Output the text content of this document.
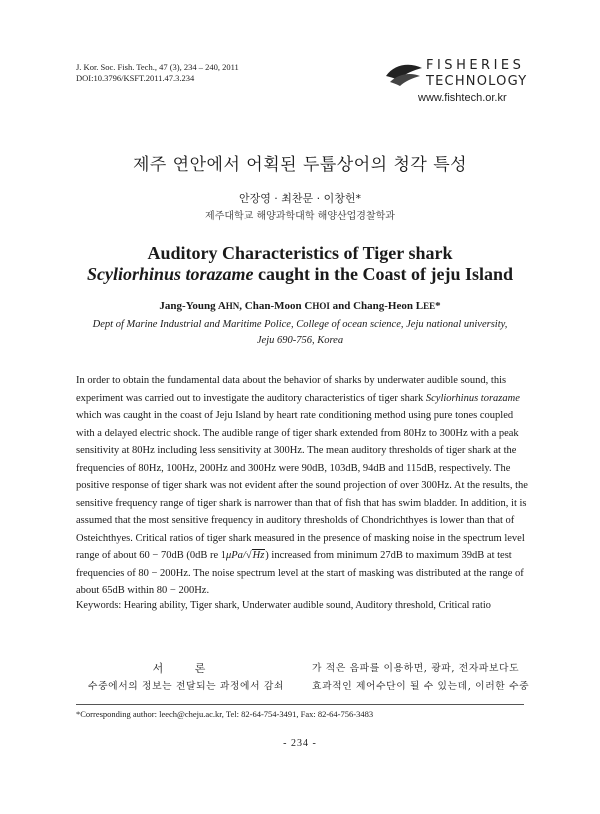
J. Kor. Soc. Fish. Tech., 47 (3), 234 – 240, 2011
DOI:10.3796/KSFT.2011.47.3.234
FISHERIES
TECHNOLOGY
www.fishtech.or.kr
제주 연안에서 어획된 두툽상어의 청각 특성
안장영 · 최찬문 · 이창헌*
제주대학교 해양과학대학 해양산업경찰학과
Auditory Characteristics of Tiger shark
Scyliorhinus torazame caught in the Coast of jeju Island
Jang-Young AHN, Chan-Moon CHOI and Chang-Heon LEE*
Dept of Marine Industrial and Maritime Police, College of ocean science, Jeju national university,
Jeju 690-756, Korea
In order to obtain the fundamental data about the behavior of sharks by underwater audible sound, this
experiment was carried out to investigate the auditory characteristics of tiger shark Scyliorhinus torazame
which was caught in the coast of Jeju Island by heart rate conditioning method using pure tones coupled
with a delayed electric shock. The audible range of tiger shark extended from 80Hz to 300Hz with a peak
sensitivity at 80Hz including less sensitivity at 300Hz. The mean auditory thresholds of tiger shark at the
frequencies of 80Hz, 100Hz, 200Hz and 300Hz were 90dB, 103dB, 94dB and 115dB, respectively. The
positive response of tiger shark was not evident after the sound projection of over 300Hz. At the results, the
sensitive frequency range of tiger shark is narrower than that of fish that has swim bladder. In addition, it is
assumed that the most sensitive frequency in auditory thresholds of Chondrichthyes is lower than that of
Osteichthyes. Critical ratios of tiger shark measured in the presence of masking noise in the spectrum level
range of about 60 − 70dB (0dB re 1μPa/√Hz) increased from minimum 27dB to maximum 39dB at test
frequencies of 80 − 200Hz. The noise spectrum level at the start of masking was distributed at the range of
about 65dB within 80 − 200Hz.
Keywords: Hearing ability, Tiger shark, Underwater audible sound, Auditory threshold, Critical ratio
서 론
수중에서의 정보는 전달되는 과정에서 감쇠
가 적은 음파를 이용하면, 광파, 전자파보다도
효과적인 제어수단이 될 수 있는데, 이러한 수중
*Corresponding author: leech@cheju.ac.kr, Tel: 82-64-754-3491, Fax: 82-64-756-3483
- 234 -
